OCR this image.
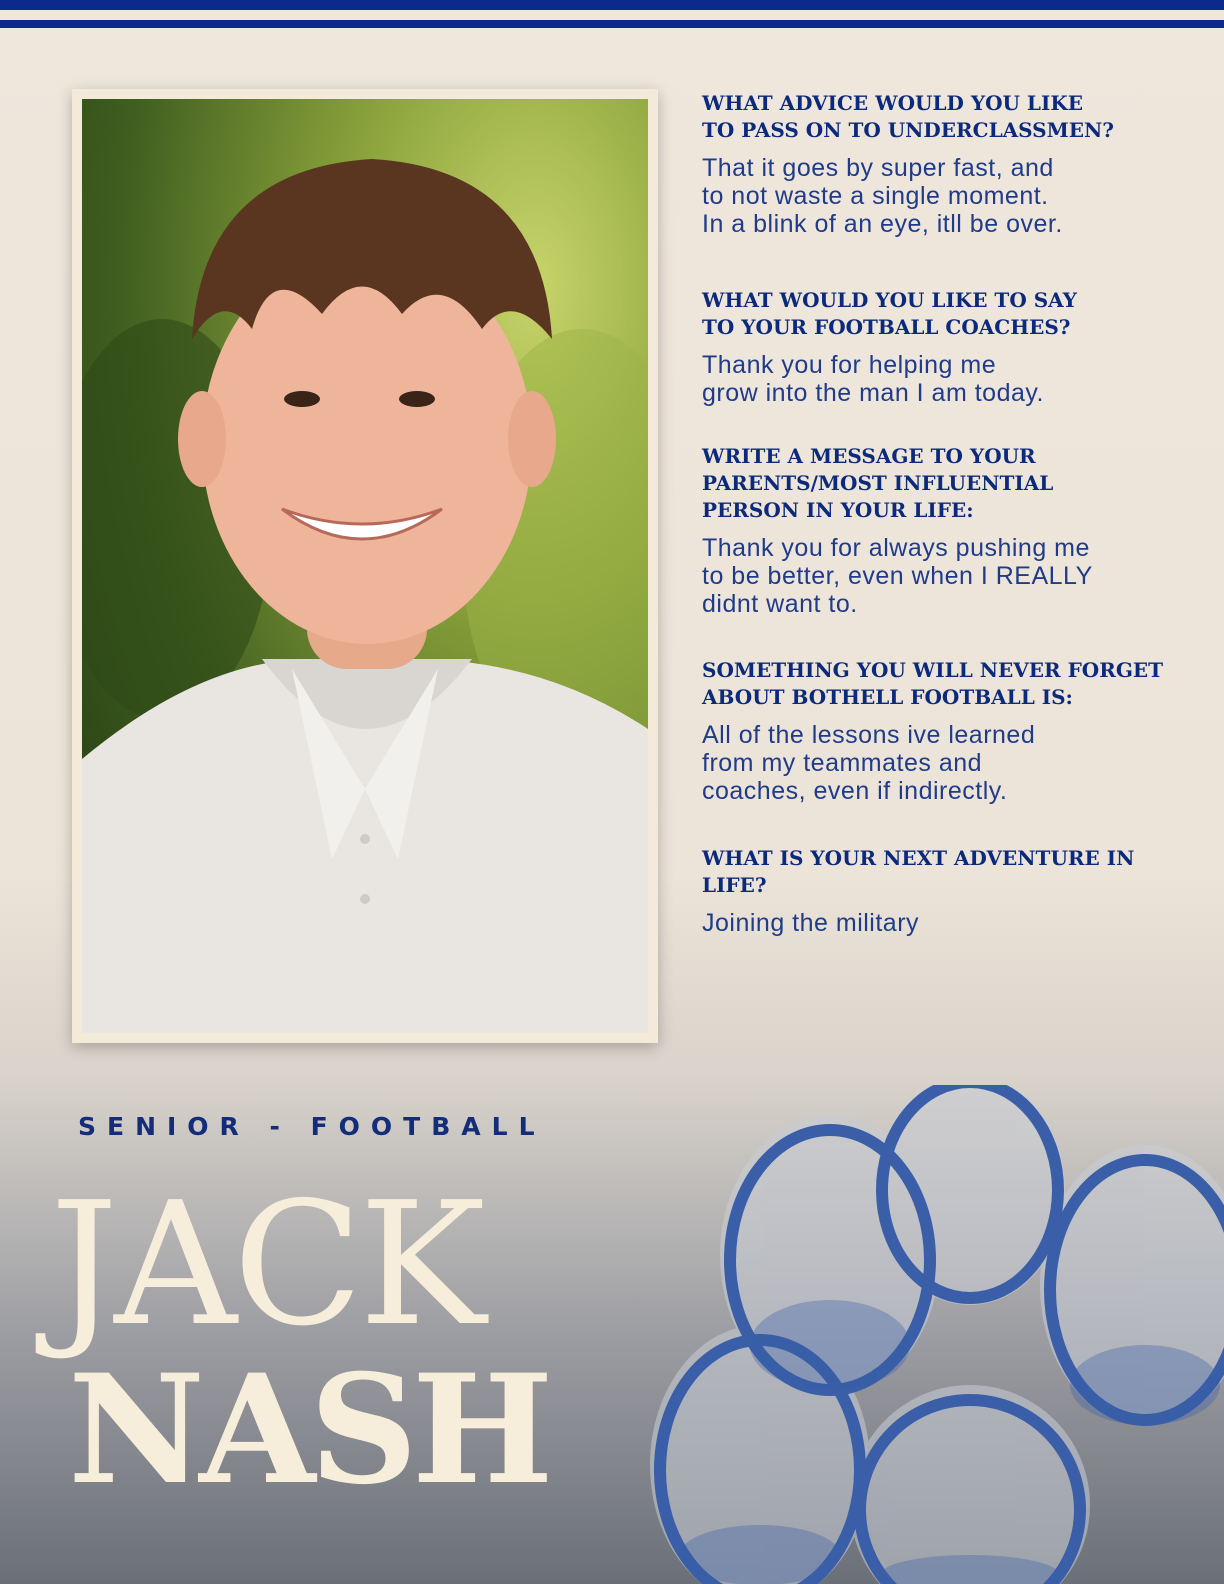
WHAT ADVICE WOULD YOU LIKE
TO PASS ON TO UNDERCLASSMEN?

That it goes by super fast, and
to not waste a single moment.
In a blink of an eye, itll be over.

WHAT WOULD YOU LIKE TO SAY
TO YOUR FOOTBALL COACHES?

Thank you for helping me
grow into the man I am today.

WRITE A MESSAGE TO YOUR
PARENTS/MOST INFLUENTIAL
PERSON IN YOUR LIFE:

Thank you for always pushing me
to be better, even when I REALLY
didnt want to.

SOMETHING YOU WILL NEVER FORGET
ABOUT BOTHELL FOOTBALL IS:

All of the lessons ive learned
from my teammates and
coaches, even if indirectly.

WHAT IS YOUR NEXT ADVENTURE IN LIFE?

Joining the military

SENIOR - FOOTBALL
JACK
NASH
